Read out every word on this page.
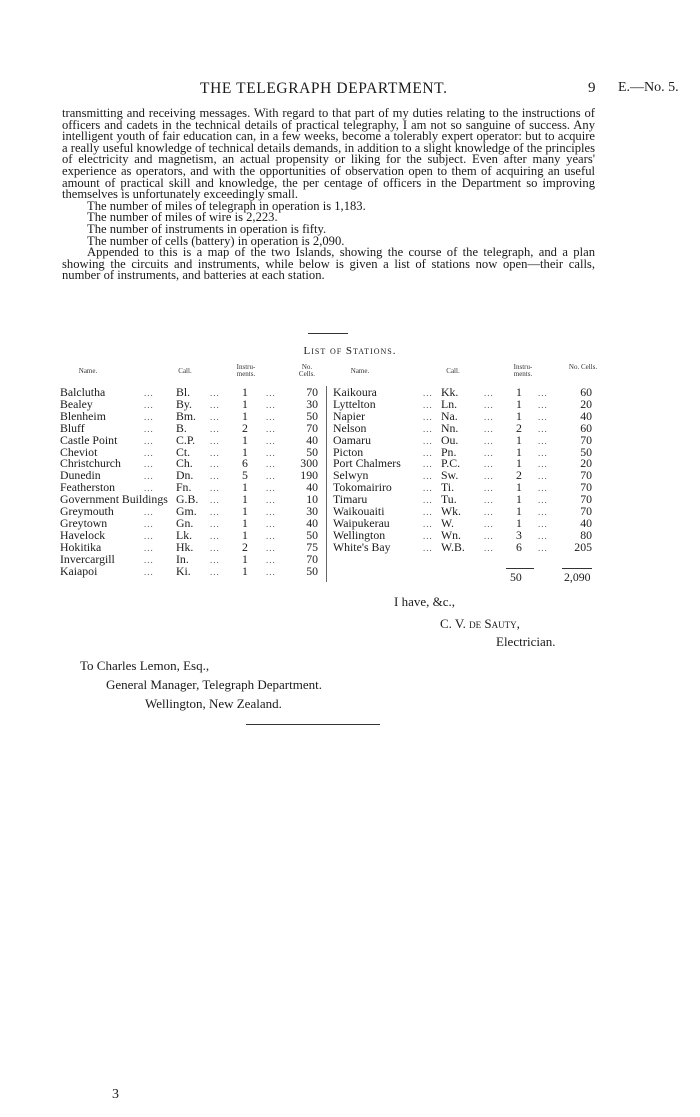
THE TELEGRAPH DEPARTMENT.	9 E.—No. 5.

transmitting and receiving messages. With regard to that part of my duties relating to the instructions of officers and cadets in the technical details of practical telegraphy, I am not so sanguine of success. Any intelligent youth of fair education can, in a few weeks, become a tolerably expert operator: but to acquire a really useful knowledge of technical details demands, in addition to a slight knowledge of the principles of electricity and magnetism, an actual propensity or liking for the subject. Even after many years' experience as operators, and with the opportunities of observation open to them of acquiring an useful amount of practical skill and knowledge, the per centage of officers in the Department so improving themselves is unfortunately exceedingly small.

The number of miles of telegraph in operation is 1,183.

The number of miles of wire is 2,223.

The number of instruments in operation is fifty.

The number of cells (battery) in operation is 2,090.

Appended to this is a map of the two Islands, showing the course of the telegraph, and a plan showing the circuits and instruments, while below is given a list of stations now open—their calls, number of instruments, and batteries at each station.

List of Stations.
Name.	Call.	Instru-ments.
No. Cells.	Name.	Call.	Instru-ments.
No. Cells.
50	2,090
Balclutha	... Bl. ... 1 ...	70
Bealey	... By. ... 1 ...	30
Blenheim	... Bm. ... 1 ...	50
Bluff	... B.	... 2 ...	70
Castle Point	... C.P. ... 1 ...	40
Cheviot	... Ct. ... 1 ...	50
Christchurch	... Ch. ... 6 ...	300
Dunedin	... Dn. ... 5 ...	190
Featherston	... Fn. ... 1 ...	40
Government Buildings G.B. ... 1 ...	10
Greymouth	... Gm. ... 1 ...	30
Greytown	... Gn. ... 1 ...	40
Havelock	... Lk. ... 1 ...	50
Hokitika	... Hk. ... 2 ...	75
Invercargill	... In. ... 1 ...	70
Kaiapoi	... Ki. ... 1 ...	50
Kaikoura	... Kk.	... 1 ...	60
Lyttelton	... Ln.	... 1 ...	20
Napier	... Na.	... 1 ...	40
Nelson	... Nn.	... 2 ...	60
Oamaru	... Ou.	... 1 ...	70
Picton	... Pn.	... 1 ...	50
Port Chalmers ... P.C.	... 1 ...	20
Selwyn	... Sw.	... 2 ...	70
Tokomairiro	... Ti.	... 1 ...	70
Timaru	... Tu.	... 1 ...	70
Waikouaiti	... Wk.	... 1 ...	70
Waipukerau	... W.	... 1 ...	40
Wellington	... Wn.	... 3 ...	80
White's Bay	... W.B. ... 6 ...	205
I have, &c.,
C. V. de Sauty,
Electrician.
To Charles Lemon, Esq.,
General Manager, Telegraph Department.
Wellington, New Zealand.
3
